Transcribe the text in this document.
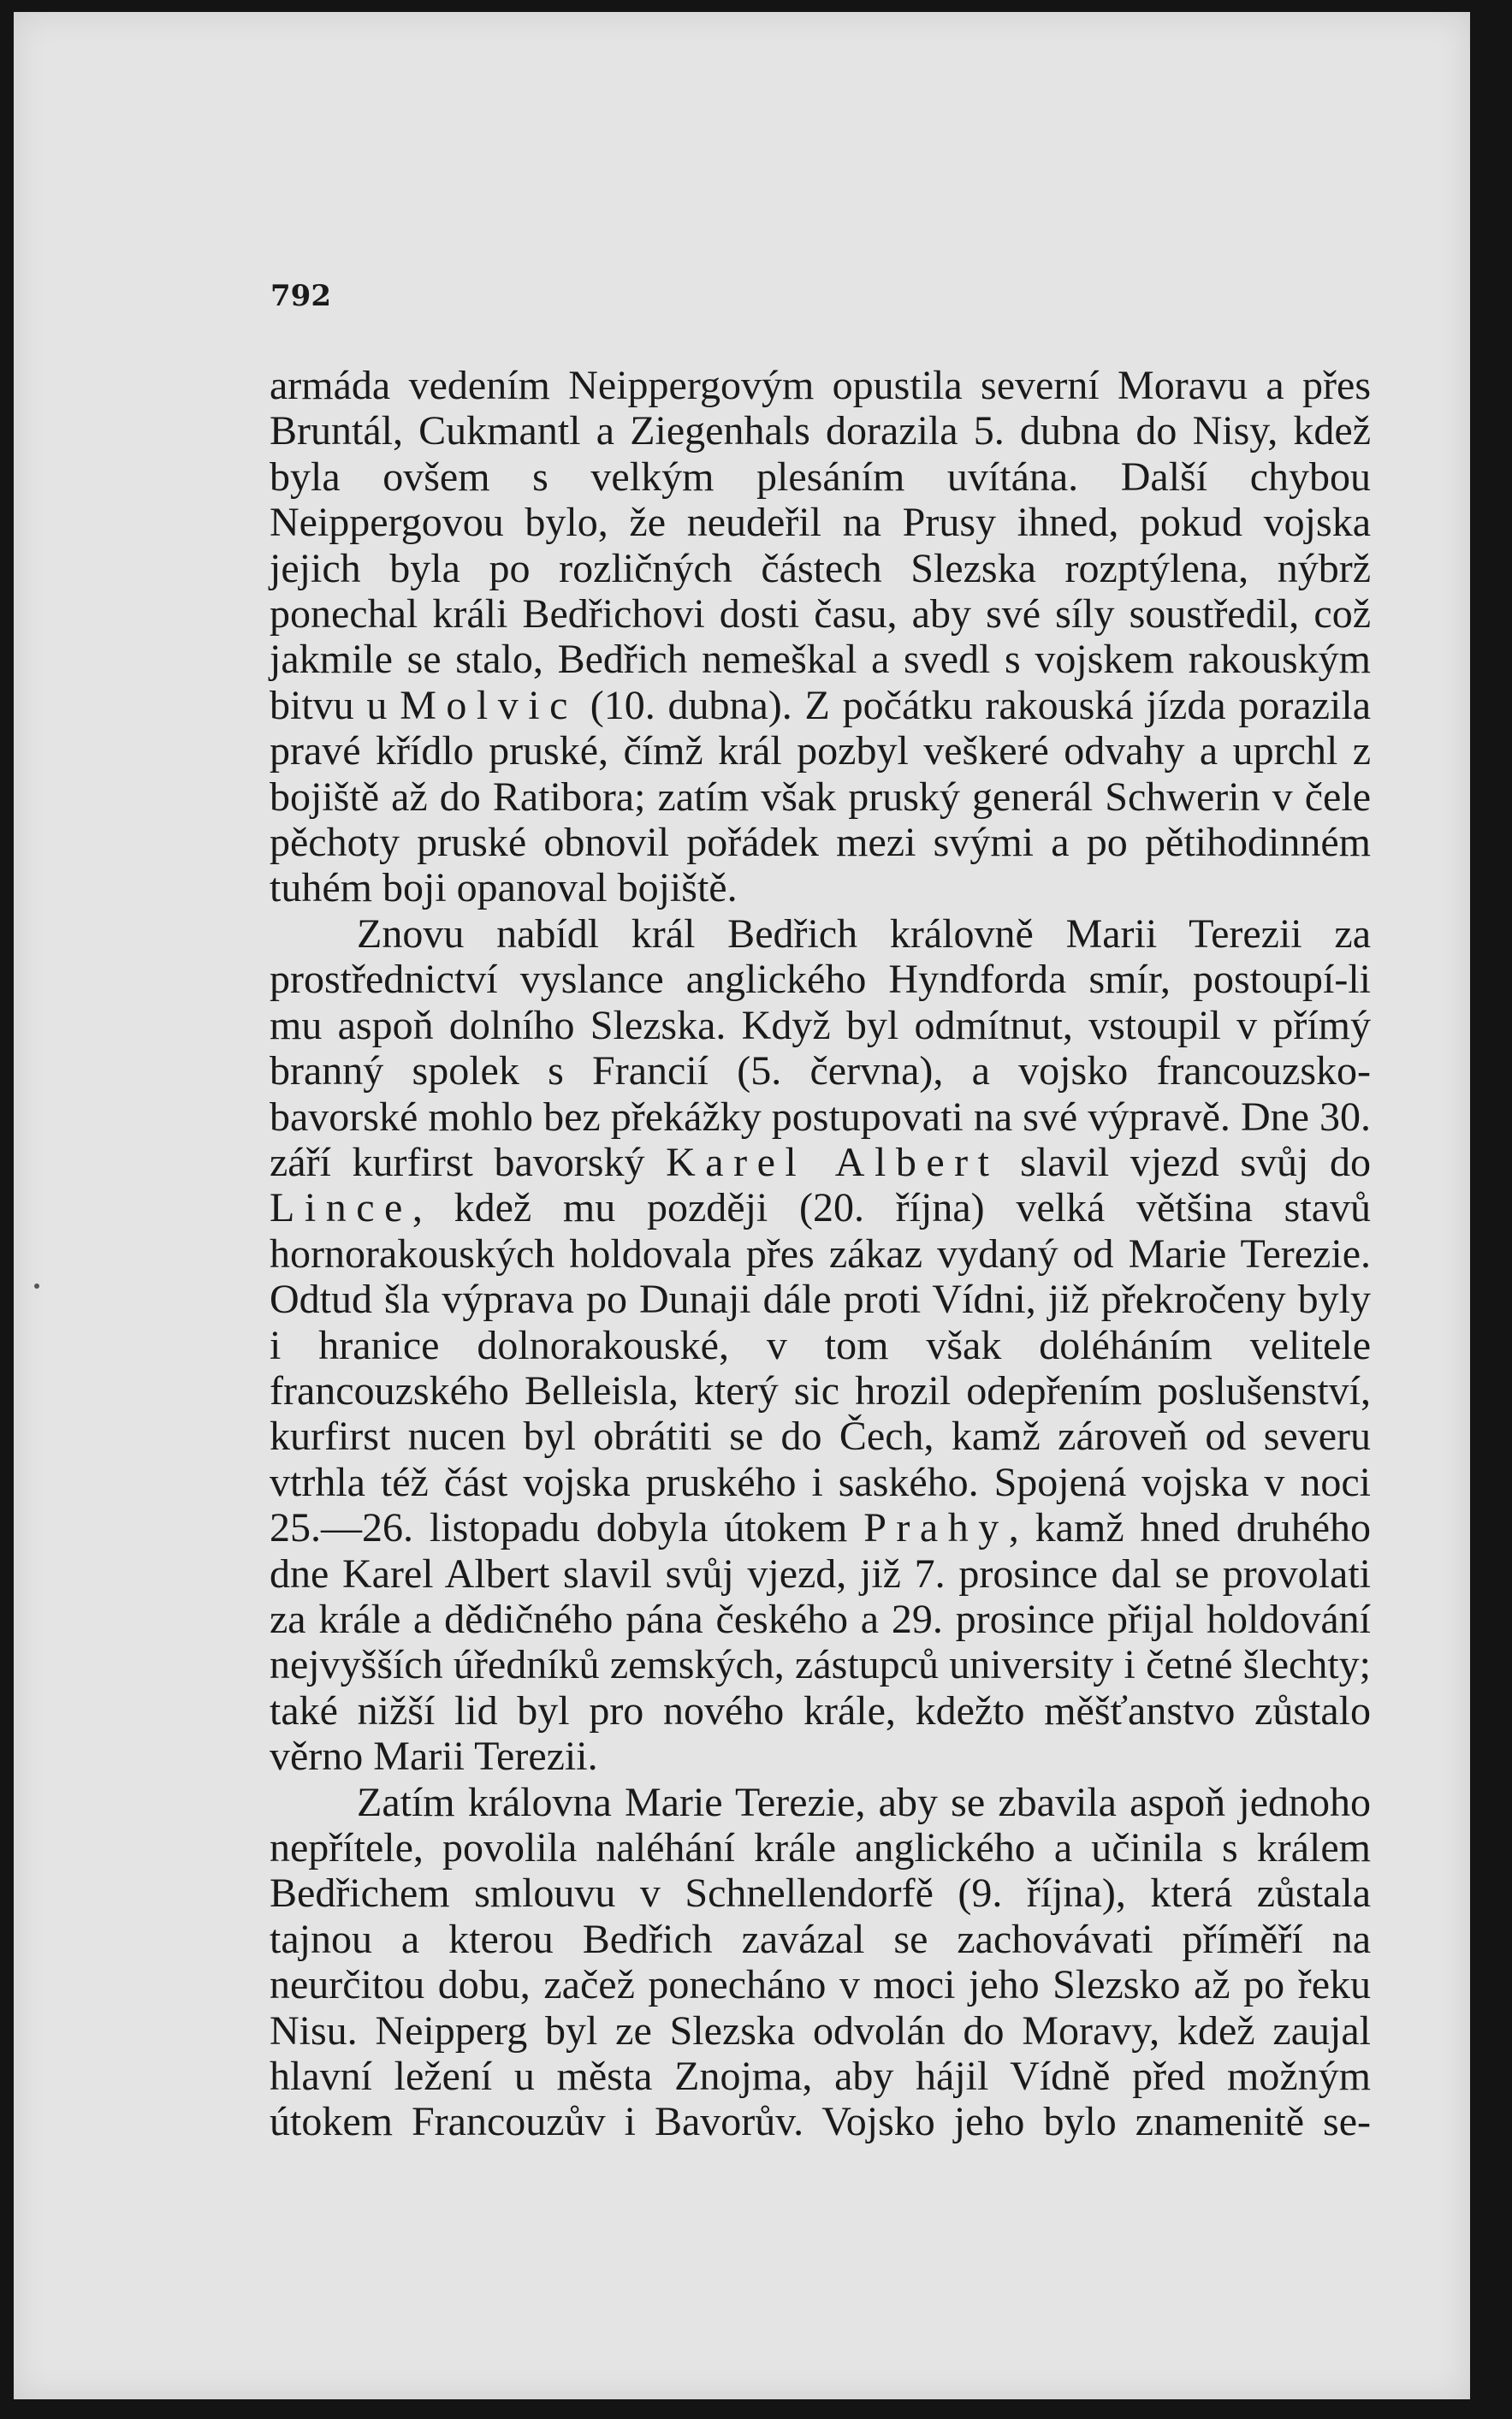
792

armáda vedením Neippergovým opustila severní Moravu a přes Bruntál, Cukmantl a Ziegenhals dorazila 5. dubna do Nisy, kdež byla ovšem s velkým plesáním uvítána. Další chybou Neippergovou bylo, že neudeřil na Prusy ihned, pokud vojska jejich byla po rozličných částech Slezska rozptýlena, nýbrž ponechal králi Bedřichovi dosti času, aby své síly soustředil, což jakmile se stalo, Bedřich nemeškal a svedl s vojskem rakouským bitvu u Molvic (10. dubna). Z počátku rakouská jízda porazila pravé křídlo pruské, čímž král pozbyl veškeré odvahy a uprchl z bojiště až do Ratibora; zatím však pruský generál Schwerin v čele pěchoty pruské obnovil pořádek mezi svými a po pětihodinném tuhém boji opanoval bojiště.

Znovu nabídl král Bedřich královně Marii Terezii za prostřednictví vyslance anglického Hyndforda smír, postoupí-li mu aspoň dolního Slezska. Když byl odmítnut, vstoupil v přímý branný spolek s Francií (5. června), a vojsko francouzsko-bavorské mohlo bez překážky postupovati na své výpravě. Dne 30. září kurfirst bavorský Karel Albert slavil vjezd svůj do Lince, kdež mu později (20. října) velká většina stavů hornorakouských holdovala přes zákaz vydaný od Marie Terezie. Odtud šla výprava po Dunaji dále proti Vídni, již překročeny byly i hranice dolnorakouské, v tom však doléháním velitele francouzského Belleisla, který sic hrozil odepřením poslušenství, kurfirst nucen byl obrátiti se do Čech, kamž zároveň od severu vtrhla též část vojska pruského i saského. Spojená vojska v noci 25.—26. listopadu dobyla útokem Prahy, kamž hned druhého dne Karel Albert slavil svůj vjezd, již 7. prosince dal se provolati za krále a dědičného pána českého a 29. prosince přijal holdování nejvyšších úředníků zemských, zástupců university i četné šlechty; také nižší lid byl pro nového krále, kdežto měšťanstvo zůstalo věrno Marii Terezii.

Zatím královna Marie Terezie, aby se zbavila aspoň jednoho nepřítele, povolila naléhání krále anglického a učinila s králem Bedřichem smlouvu v Schnellendorfě (9. října), která zůstala tajnou a kterou Bedřich zavázal se zachovávati příměří na neurčitou dobu, začež ponecháno v moci jeho Slezsko až po řeku Nisu. Neipperg byl ze Slezska odvolán do Moravy, kdež zaujal hlavní ležení u města Znojma, aby hájil Vídně před možným útokem Francouzův i Bavorův. Vojsko jeho bylo znamenitě se-
